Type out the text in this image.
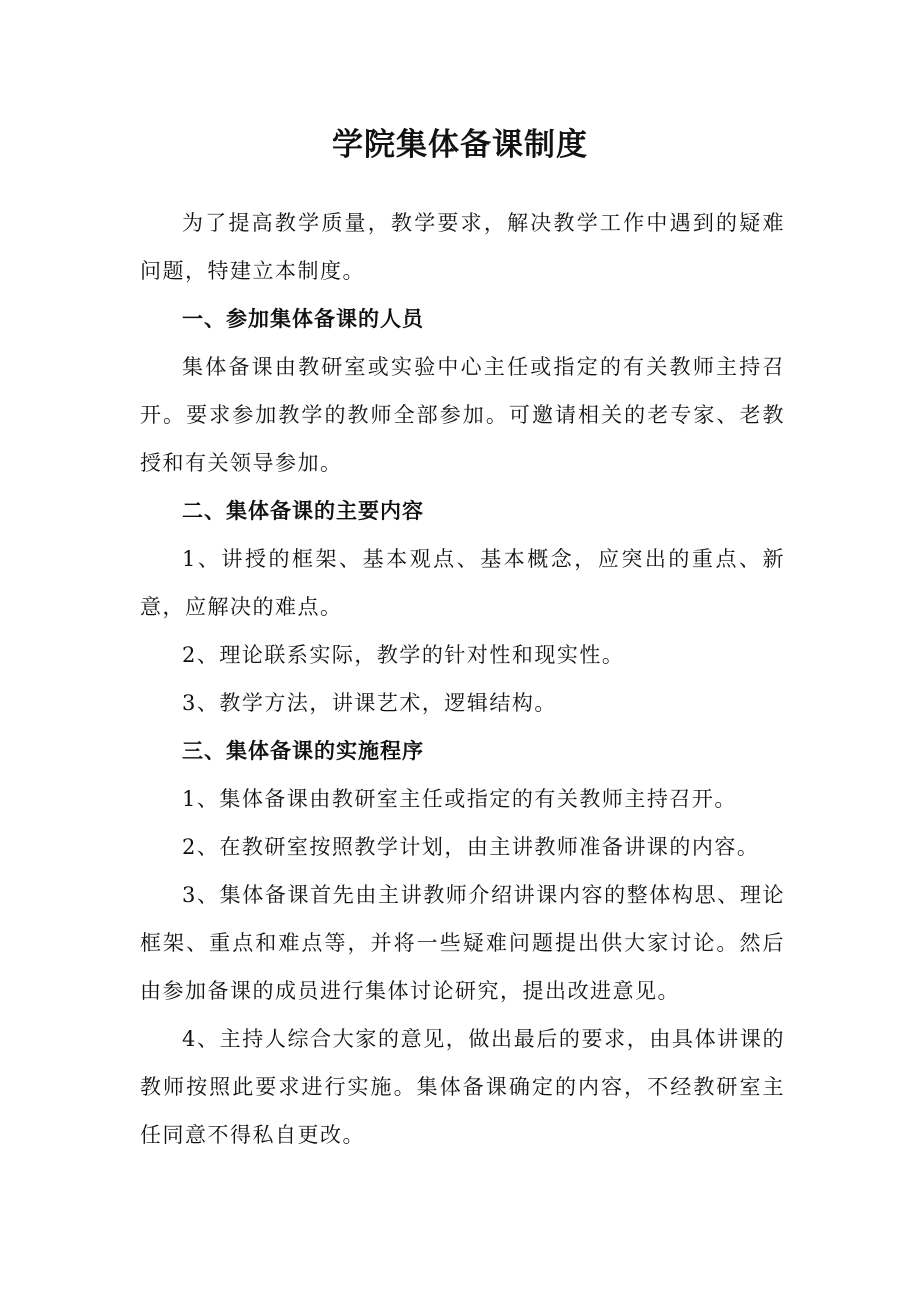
学院集体备课制度

为了提高教学质量，教学要求，解决教学工作中遇到的疑难问题，特建立本制度。

一、参加集体备课的人员

集体备课由教研室或实验中心主任或指定的有关教师主持召开。要求参加教学的教师全部参加。可邀请相关的老专家、老教授和有关领导参加。

二、集体备课的主要内容

1、讲授的框架、基本观点、基本概念，应突出的重点、新意，应解决的难点。

2、理论联系实际，教学的针对性和现实性。

3、教学方法，讲课艺术，逻辑结构。

三、集体备课的实施程序

1、集体备课由教研室主任或指定的有关教师主持召开。

2、在教研室按照教学计划，由主讲教师准备讲课的内容。

3、集体备课首先由主讲教师介绍讲课内容的整体构思、理论框架、重点和难点等，并将一些疑难问题提出供大家讨论。然后由参加备课的成员进行集体讨论研究，提出改进意见。

4、主持人综合大家的意见，做出最后的要求，由具体讲课的教师按照此要求进行实施。集体备课确定的内容，不经教研室主任同意不得私自更改。
